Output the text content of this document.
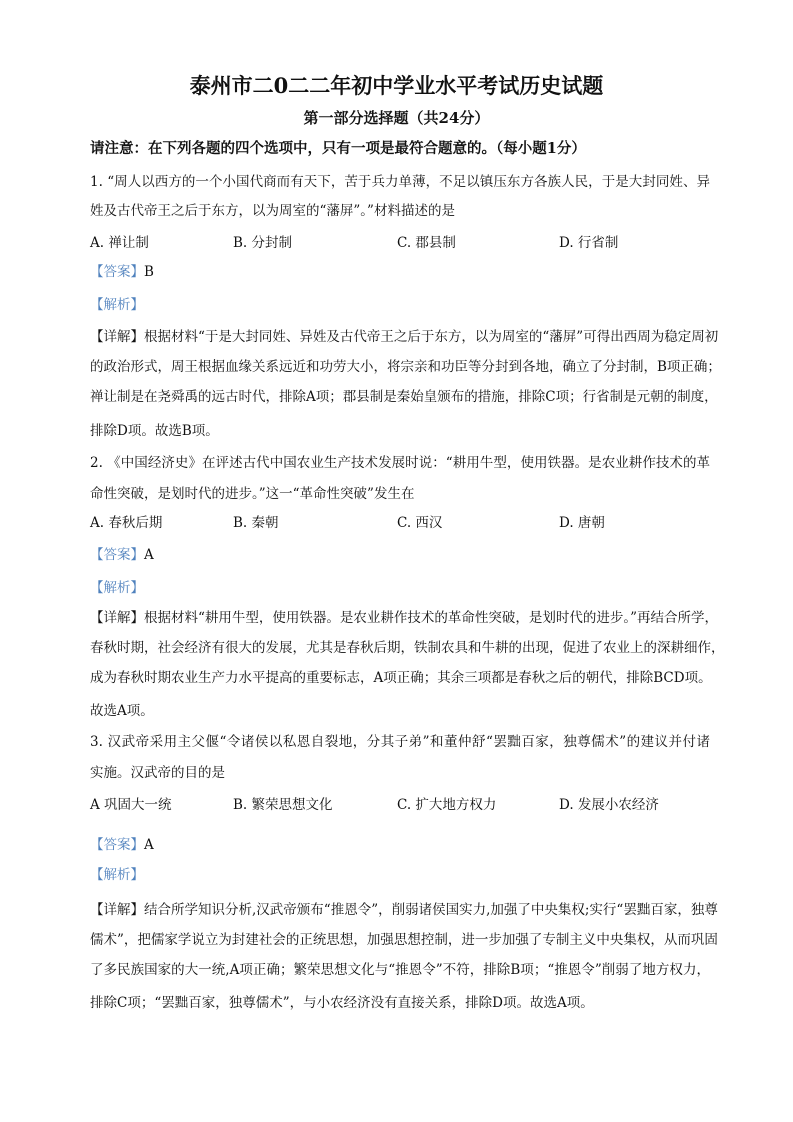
泰州市二0二二年初中学业水平考试历史试题
第一部分选择题（共24分）
请注意：在下列各题的四个选项中，只有一项是最符合题意的。（每小题1分）
1. “周人以西方的一个小国代商而有天下，苦于兵力单薄，不足以镇压东方各族人民，于是大封同姓、异
姓及古代帝王之后于东方，以为周室的“藩屏”。”材料描述的是
A. 禅让制	B. 分封制	C. 郡县制	D. 行省制
【答案】B
【解析】
【详解】根据材料“于是大封同姓、异姓及古代帝王之后于东方，以为周室的“藩屏”可得出西周为稳定周初
的政治形式，周王根据血缘关系远近和功劳大小，将宗亲和功臣等分封到各地，确立了分封制，B项正确；
禅让制是在尧舜禹的远古时代，排除A项；郡县制是秦始皇颁布的措施，排除C项；行省制是元朝的制度，
排除D项。故选B项。
2. 《中国经济史》在评述古代中国农业生产技术发展时说：“耕用牛型，使用铁器。是农业耕作技术的革
命性突破，是划时代的进步。”这一“革命性突破”发生在
A. 春秋后期	B. 秦朝	C. 西汉	D. 唐朝
【答案】A
【解析】
【详解】根据材料“耕用牛型，使用铁器。是农业耕作技术的革命性突破，是划时代的进步。”再结合所学，
春秋时期，社会经济有很大的发展，尤其是春秋后期，铁制农具和牛耕的出现，促进了农业上的深耕细作，
成为春秋时期农业生产力水平提高的重要标志，A项正确；其余三项都是春秋之后的朝代，排除BCD项。
故选A项。
3. 汉武帝采用主父偃“令诸侯以私恩自裂地，分其子弟”和董仲舒“罢黜百家，独尊儒术”的建议并付诸
实施。汉武帝的目的是
A 巩固大一统	B. 繁荣思想文化	C. 扩大地方权力	D. 发展小农经济
【答案】A
【解析】
【详解】结合所学知识分析,汉武帝颁布“推恩令”，削弱诸侯国实力,加强了中央集权;实行“罢黜百家，独尊
儒术”，把儒家学说立为封建社会的正统思想，加强思想控制，进一步加强了专制主义中央集权，从而巩固
了多民族国家的大一统,A项正确；繁荣思想文化与“推恩令”不符，排除B项；“推恩令”削弱了地方权力，
排除C项；“罢黜百家，独尊儒术”，与小农经济没有直接关系，排除D项。故选A项。
